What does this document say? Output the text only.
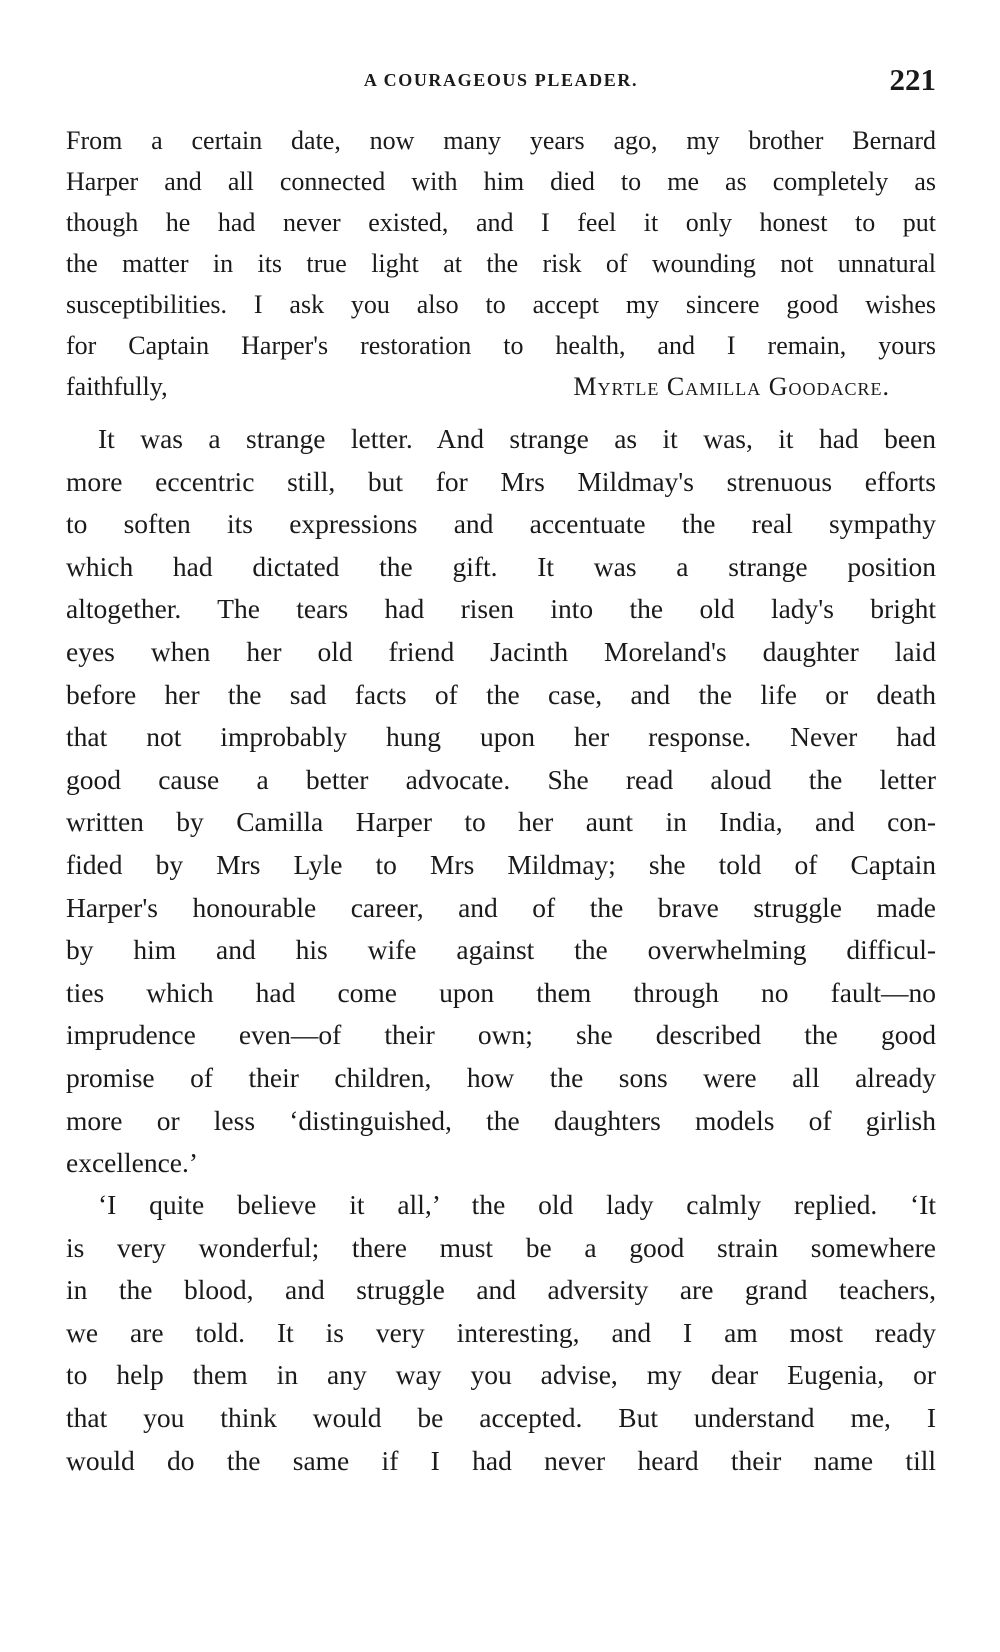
A COURAGEOUS PLEADER.	221
From a certain date, now many years ago, my brother Bernard
Harper and all connected with him died to me as completely as
though he had never existed, and I feel it only honest to put
the matter in its true light at the risk of wounding not unnatural
susceptibilities. I ask you also to accept my sincere good wishes
for Captain Harper's restoration to health, and I remain, yours
faithfully,	Myrtle Camilla Goodacre.
It was a strange letter. And strange as it was, it had been
more eccentric still, but for Mrs Mildmay's strenuous efforts
to soften its expressions and accentuate the real sympathy
which had dictated the gift. It was a strange position
altogether. The tears had risen into the old lady's bright
eyes when her old friend Jacinth Moreland's daughter laid
before her the sad facts of the case, and the life or death
that not improbably hung upon her response. Never had
good cause a better advocate. She read aloud the letter
written by Camilla Harper to her aunt in India, and con-
fided by Mrs Lyle to Mrs Mildmay; she told of Captain
Harper's honourable career, and of the brave struggle made
by him and his wife against the overwhelming difficul-
ties which had come upon them through no fault—no
imprudence even—of their own; she described the good
promise of their children, how the sons were all already
more or less ‘distinguished, the daughters models of girlish
excellence.’
‘I quite believe it all,’ the old lady calmly replied. ‘It
is very wonderful; there must be a good strain somewhere
in the blood, and struggle and adversity are grand teachers,
we are told. It is very interesting, and I am most ready
to help them in any way you advise, my dear Eugenia, or
that you think would be accepted. But understand me, I
would do the same if I had never heard their name till
